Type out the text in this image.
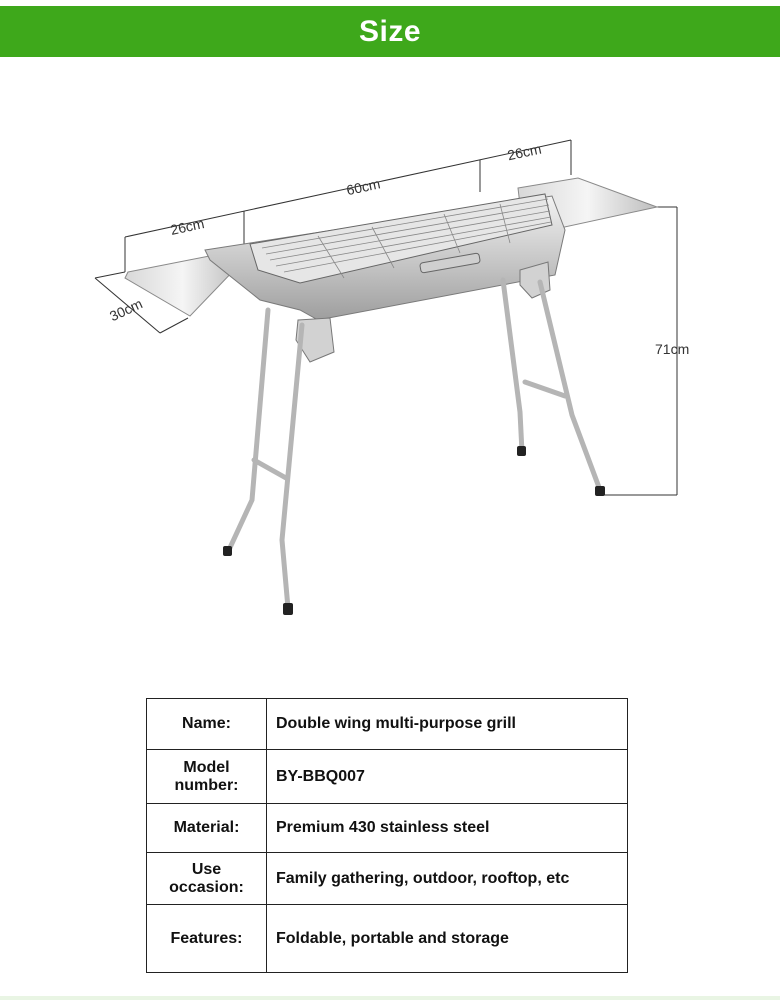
Size
26cm
60cm
26cm
30cm
71cm
Name:	Double wing multi-purpose grill
Model number:	BY-BBQ007
Material:	Premium 430 stainless steel
Use occasion:	Family gathering, outdoor, rooftop, etc
Features:	Foldable, portable and storage
